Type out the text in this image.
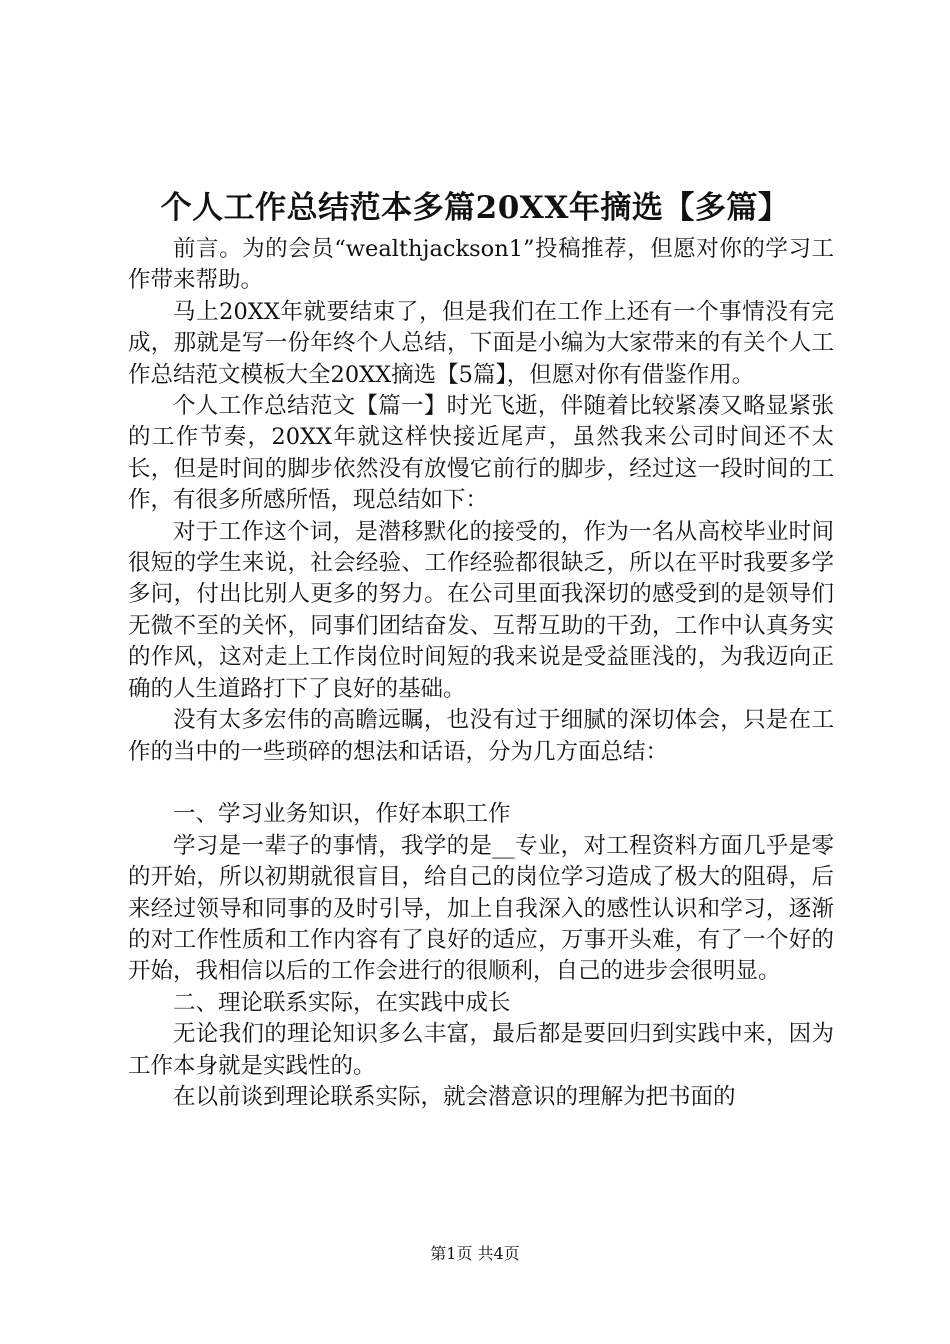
个人工作总结范本多篇20XX年摘选【多篇】

前言。为的会员“wealthjackson1”投稿推荐，但愿对你的学习工作带来帮助。

马上20XX年就要结束了，但是我们在工作上还有一个事情没有完成，那就是写一份年终个人总结，下面是小编为大家带来的有关个人工作总结范文模板大全20XX摘选【5篇】，但愿对你有借鉴作用。

个人工作总结范文【篇一】时光飞逝，伴随着比较紧凑又略显紧张的工作节奏，20XX年就这样快接近尾声，虽然我来公司时间还不太长，但是时间的脚步依然没有放慢它前行的脚步，经过这一段时间的工作，有很多所感所悟，现总结如下：

对于工作这个词，是潜移默化的接受的，作为一名从高校毕业时间很短的学生来说，社会经验、工作经验都很缺乏，所以在平时我要多学多问，付出比别人更多的努力。在公司里面我深切的感受到的是领导们无微不至的关怀，同事们团结奋发、互帮互助的干劲，工作中认真务实的作风，这对走上工作岗位时间短的我来说是受益匪浅的，为我迈向正确的人生道路打下了良好的基础。

没有太多宏伟的高瞻远瞩，也没有过于细腻的深切体会，只是在工作的当中的一些琐碎的想法和话语，分为几方面总结：

一、学习业务知识，作好本职工作

学习是一辈子的事情，我学的是__专业，对工程资料方面几乎是零的开始，所以初期就很盲目，给自己的岗位学习造成了极大的阻碍，后来经过领导和同事的及时引导，加上自我深入的感性认识和学习，逐渐的对工作性质和工作内容有了良好的适应，万事开头难，有了一个好的开始，我相信以后的工作会进行的很顺利，自己的进步会很明显。

二、理论联系实际，在实践中成长

无论我们的理论知识多么丰富，最后都是要回归到实践中来，因为工作本身就是实践性的。

在以前谈到理论联系实际，就会潜意识的理解为把书面的

第1页 共4页
